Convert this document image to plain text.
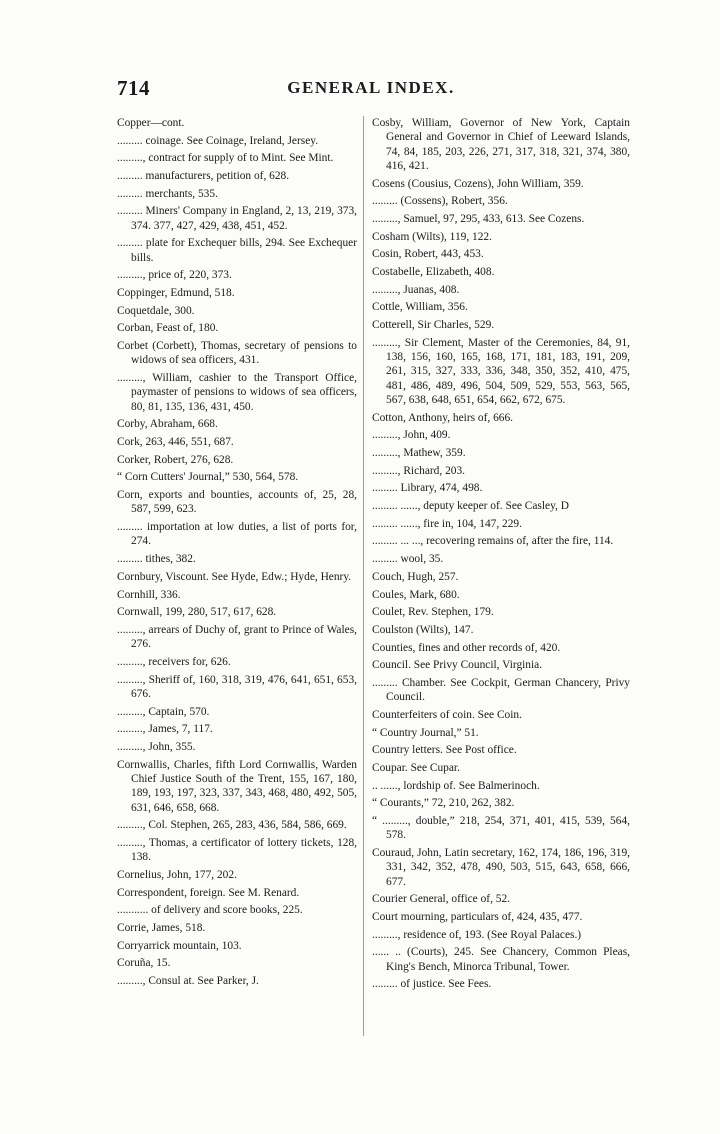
714	GENERAL INDEX.

Copper—cont.

......... coinage. See Coinage, Ireland, Jersey.

........., contract for supply of to Mint. See Mint.

......... manufacturers, petition of, 628.

......... merchants, 535.

......... Miners' Company in England, 2, 13, 219, 373, 374. 377, 427, 429, 438, 451, 452.

......... plate for Exchequer bills, 294. See Exchequer bills.

........., price of, 220, 373.

Coppinger, Edmund, 518.

Coquetdale, 300.

Corban, Feast of, 180.

Corbet (Corbett), Thomas, secretary of pensions to widows of sea officers, 431.

........., William, cashier to the Transport Office, paymaster of pensions to widows of sea officers, 80, 81, 135, 136, 431, 450.

Corby, Abraham, 668.

Cork, 263, 446, 551, 687.

Corker, Robert, 276, 628.

“ Corn Cutters' Journal,” 530, 564, 578.

Corn, exports and bounties, accounts of, 25, 28, 587, 599, 623.

......... importation at low duties, a list of ports for, 274.

......... tithes, 382.

Cornbury, Viscount. See Hyde, Edw.; Hyde, Henry.

Cornhill, 336.

Cornwall, 199, 280, 517, 617, 628.

........., arrears of Duchy of, grant to Prince of Wales, 276.

........., receivers for, 626.

........., Sheriff of, 160, 318, 319, 476, 641, 651, 653, 676.

........., Captain, 570.

........., James, 7, 117.

........., John, 355.

Cornwallis, Charles, fifth Lord Cornwallis, Warden Chief Justice South of the Trent, 155, 167, 180, 189, 193, 197, 323, 337, 343, 468, 480, 492, 505, 631, 646, 658, 668.

........., Col. Stephen, 265, 283, 436, 584, 586, 669.

........., Thomas, a certificator of lottery tickets, 128, 138.

Cornelius, John, 177, 202.

Correspondent, foreign. See M. Renard.

........... of delivery and score books, 225.

Corrie, James, 518.

Corryarrick mountain, 103.

Coruña, 15.

........., Consul at. See Parker, J.

Cosby, William, Governor of New York, Captain General and Governor in Chief of Leeward Islands, 74, 84, 185, 203, 226, 271, 317, 318, 321, 374, 380, 416, 421.

Cosens (Cousius, Cozens), John William, 359.

......... (Cossens), Robert, 356.

........., Samuel, 97, 295, 433, 613. See Cozens.

Cosham (Wilts), 119, 122.

Cosin, Robert, 443, 453.

Costabelle, Elizabeth, 408.

........., Juanas, 408.

Cottle, William, 356.

Cotterell, Sir Charles, 529.

........., Sir Clement, Master of the Ceremonies, 84, 91, 138, 156, 160, 165, 168, 171, 181, 183, 191, 209, 261, 315, 327, 333, 336, 348, 350, 352, 410, 475, 481, 486, 489, 496, 504, 509, 529, 553, 563, 565, 567, 638, 648, 651, 654, 662, 672, 675.

Cotton, Anthony, heirs of, 666.

........., John, 409.

........., Mathew, 359.

........., Richard, 203.

......... Library, 474, 498.

......... ......, deputy keeper of. See Casley, D

......... ......, fire in, 104, 147, 229.

......... ... ..., recovering remains of, after the fire, 114.

......... wool, 35.

Couch, Hugh, 257.

Coules, Mark, 680.

Coulet, Rev. Stephen, 179.

Coulston (Wilts), 147.

Counties, fines and other records of, 420.

Council. See Privy Council, Virginia.

......... Chamber. See Cockpit, German Chancery, Privy Council.

Counterfeiters of coin. See Coin.

“ Country Journal,” 51.

Country letters. See Post office.

Coupar. See Cupar.

.. ......, lordship of. See Balmerinoch.

“ Courants,” 72, 210, 262, 382.

“ ........., double,” 218, 254, 371, 401, 415, 539, 564, 578.

Couraud, John, Latin secretary, 162, 174, 186, 196, 319, 331, 342, 352, 478, 490, 503, 515, 643, 658, 666, 677.

Courier General, office of, 52.

Court mourning, particulars of, 424, 435, 477.

........., residence of, 193. (See Royal Palaces.)

...... .. (Courts), 245. See Chancery, Common Pleas, King's Bench, Minorca Tribunal, Tower.

......... of justice. See Fees.
